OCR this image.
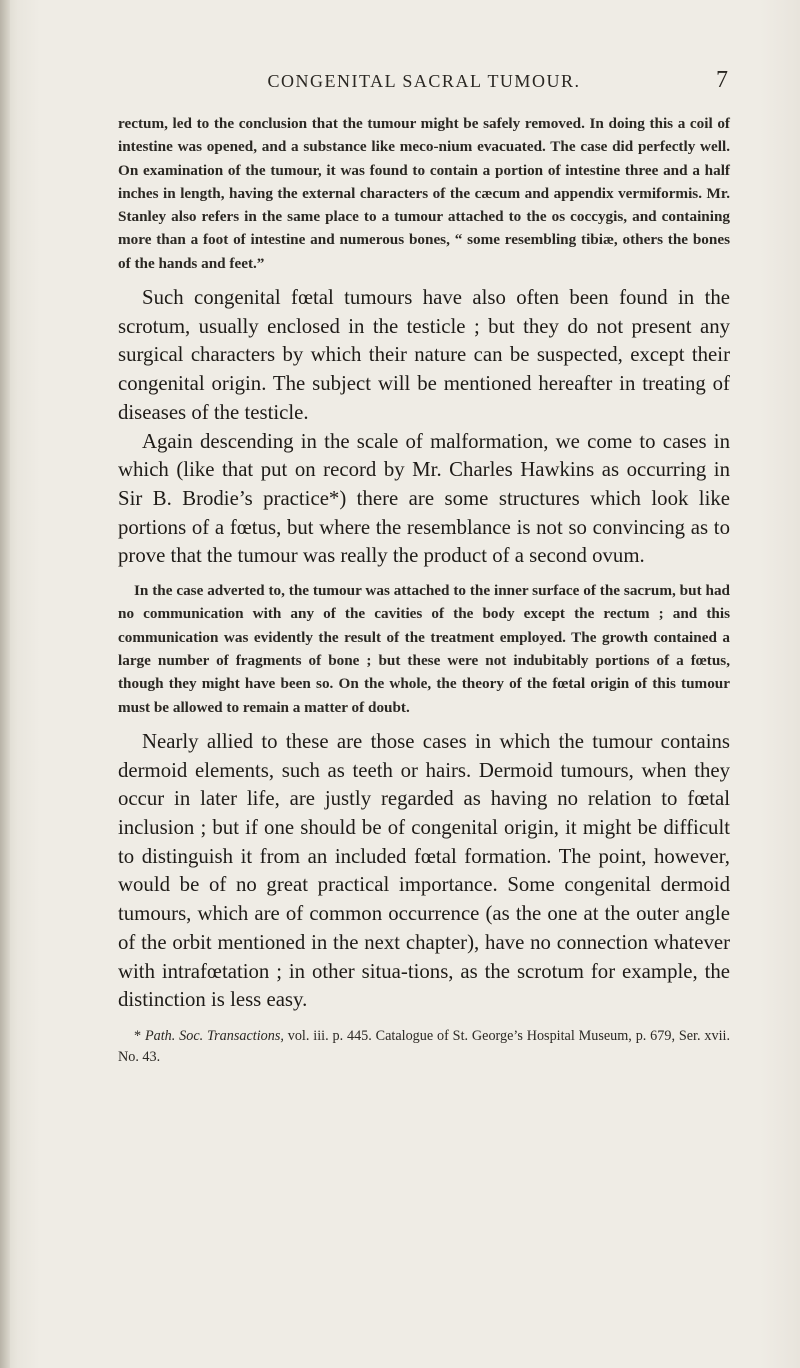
CONGENITAL SACRAL TUMOUR.	7

rectum, led to the conclusion that the tumour might be safely removed. In doing this a coil of intestine was opened, and a substance like meco-nium evacuated. The case did perfectly well. On examination of the tumour, it was found to contain a portion of intestine three and a half inches in length, having the external characters of the cæcum and appendix vermiformis. Mr. Stanley also refers in the same place to a tumour attached to the os coccygis, and containing more than a foot of intestine and numerous bones, “ some resembling tibiæ, others the bones of the hands and feet.”

Such congenital fœtal tumours have also often been found in the scrotum, usually enclosed in the testicle ; but they do not present any surgical characters by which their nature can be suspected, except their congenital origin. The subject will be mentioned hereafter in treating of diseases of the testicle.

Again descending in the scale of malformation, we come to cases in which (like that put on record by Mr. Charles Hawkins as occurring in Sir B. Brodie’s practice*) there are some structures which look like portions of a fœtus, but where the resemblance is not so convincing as to prove that the tumour was really the product of a second ovum.

In the case adverted to, the tumour was attached to the inner surface of the sacrum, but had no communication with any of the cavities of the body except the rectum ; and this communication was evidently the result of the treatment employed. The growth contained a large number of fragments of bone ; but these were not indubitably portions of a fœtus, though they might have been so. On the whole, the theory of the fœtal origin of this tumour must be allowed to remain a matter of doubt.

Nearly allied to these are those cases in which the tumour contains dermoid elements, such as teeth or hairs. Dermoid tumours, when they occur in later life, are justly regarded as having no relation to fœtal inclusion ; but if one should be of congenital origin, it might be difficult to distinguish it from an included fœtal formation. The point, however, would be of no great practical importance. Some congenital dermoid tumours, which are of common occurrence (as the one at the outer angle of the orbit mentioned in the next chapter), have no connection whatever with intrafœtation ; in other situa-tions, as the scrotum for example, the distinction is less easy.

* Path. Soc. Transactions, vol. iii. p. 445. Catalogue of St. George’s Hospital Museum, p. 679, Ser. xvii. No. 43.
